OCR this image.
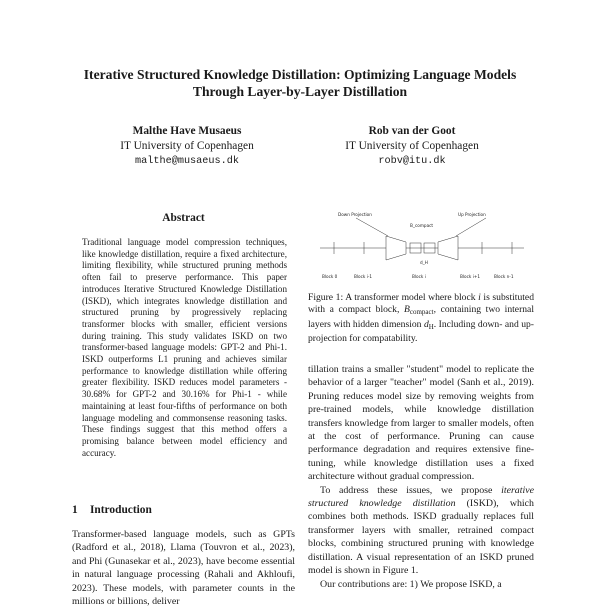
Iterative Structured Knowledge Distillation: Optimizing Language Models
Through Layer-by-Layer Distillation
Malthe Have Musaeus
IT University of Copenhagen
malthe@musaeus.dk
Rob van der Goot
IT University of Copenhagen
robv@itu.dk
Abstract

Traditional language model compression techniques, like knowledge distillation, require a fixed architecture, limiting flexibility, while structured pruning methods often fail to preserve performance. This paper introduces Iterative Structured Knowledge Distillation (ISKD), which integrates knowledge distillation and structured pruning by progressively replacing transformer blocks with smaller, efficient versions during training. This study validates ISKD on two transformer-based language models: GPT-2 and Phi-1. ISKD outperforms L1 pruning and achieves similar performance to knowledge distillation while offering greater flexibility. ISKD reduces model parameters - 30.68% for GPT-2 and 30.16% for Phi-1 - while maintaining at least four-fifths of performance on both language modeling and commonsense reasoning tasks. These findings suggest that this method offers a promising balance between model efficiency and accuracy.

1 Introduction

Transformer-based language models, such as GPTs (Radford et al., 2018), Llama (Touvron et al., 2023), and Phi (Gunasekar et al., 2023), have become essential in natural language processing (Rahali and Akhloufi, 2023). These models, with parameter counts in the millions or billions, deliver

Down Projection	Up Projection
B_compact
d_H
Block 0	Block i-1	Block i	Block i+1	Block n-1

Figure 1: A transformer model where block i is substituted with a compact block, $B_{compact}$, containing two internal layers with hidden dimension $d_H$. Including down- and up-projection for compatability.

tillation trains a smaller "student" model to replicate the behavior of a larger "teacher" model (Sanh et al., 2019). Pruning reduces model size by removing weights from pre-trained models, while knowledge distillation transfers knowledge from larger to smaller models, often at the cost of performance. Pruning can cause performance degradation and requires extensive fine-tuning, while knowledge distillation uses a fixed architecture without gradual compression.

To address these issues, we propose iterative structured knowledge distillation (ISKD), which combines both methods. ISKD gradually replaces full transformer layers with smaller, retrained compact blocks, combining structured pruning with knowledge distillation. A visual representation of an ISKD pruned model is shown in Figure 1.

Our contributions are: 1) We propose ISKD, a
